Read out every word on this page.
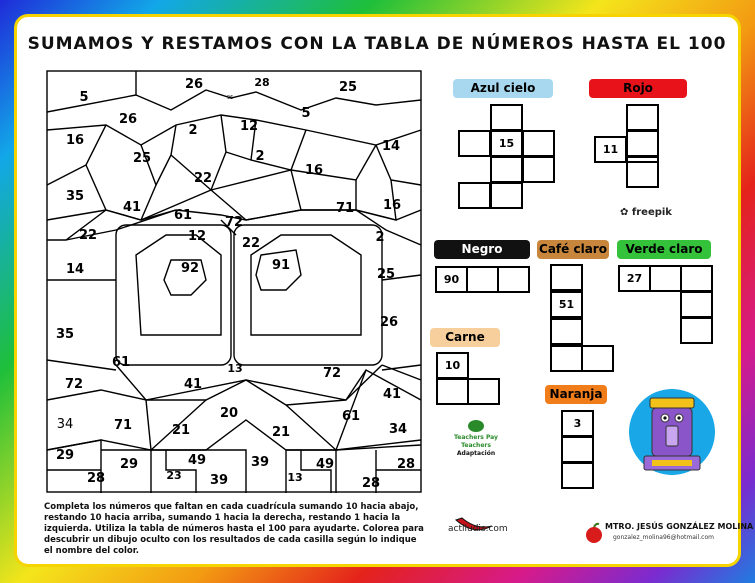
SUMAMOS Y RESTAMOS CON LA TABLA DE NÚMEROS HASTA EL 100
5
26	28	25
26
2	12
5
16	14
25	2
16
22
35
41
61	72
71 16
22	12	22	2
14	92	91
25
26
35
61	13	72
72	41
41
34
20	61
34
71	21	21
29
28
29	49	39	49	28
23	13
39	28
96
Azul cielo
15
Rojo
11
✿ freepik
Negro
90
Café claro
51
Verde claro
27
Carne
10
Teachers Pay Teachers
Adaptación
Naranja
3
Completa los números que faltan en cada cuadrícula sumando 10 hacia abajo, restando 10 hacia arriba, sumando 1 hacia la derecha, restando 1 hacia la izquierda. Utiliza la tabla de números hasta el 100 para ayudarte. Colorea para descubrir un dibujo oculto con los resultados de cada casilla según lo indique el nombre del color.
actiludis.com	MTRO. JESÚS GONZÁLEZ MOLINA
gonzalez_molina96@hotmail.com
